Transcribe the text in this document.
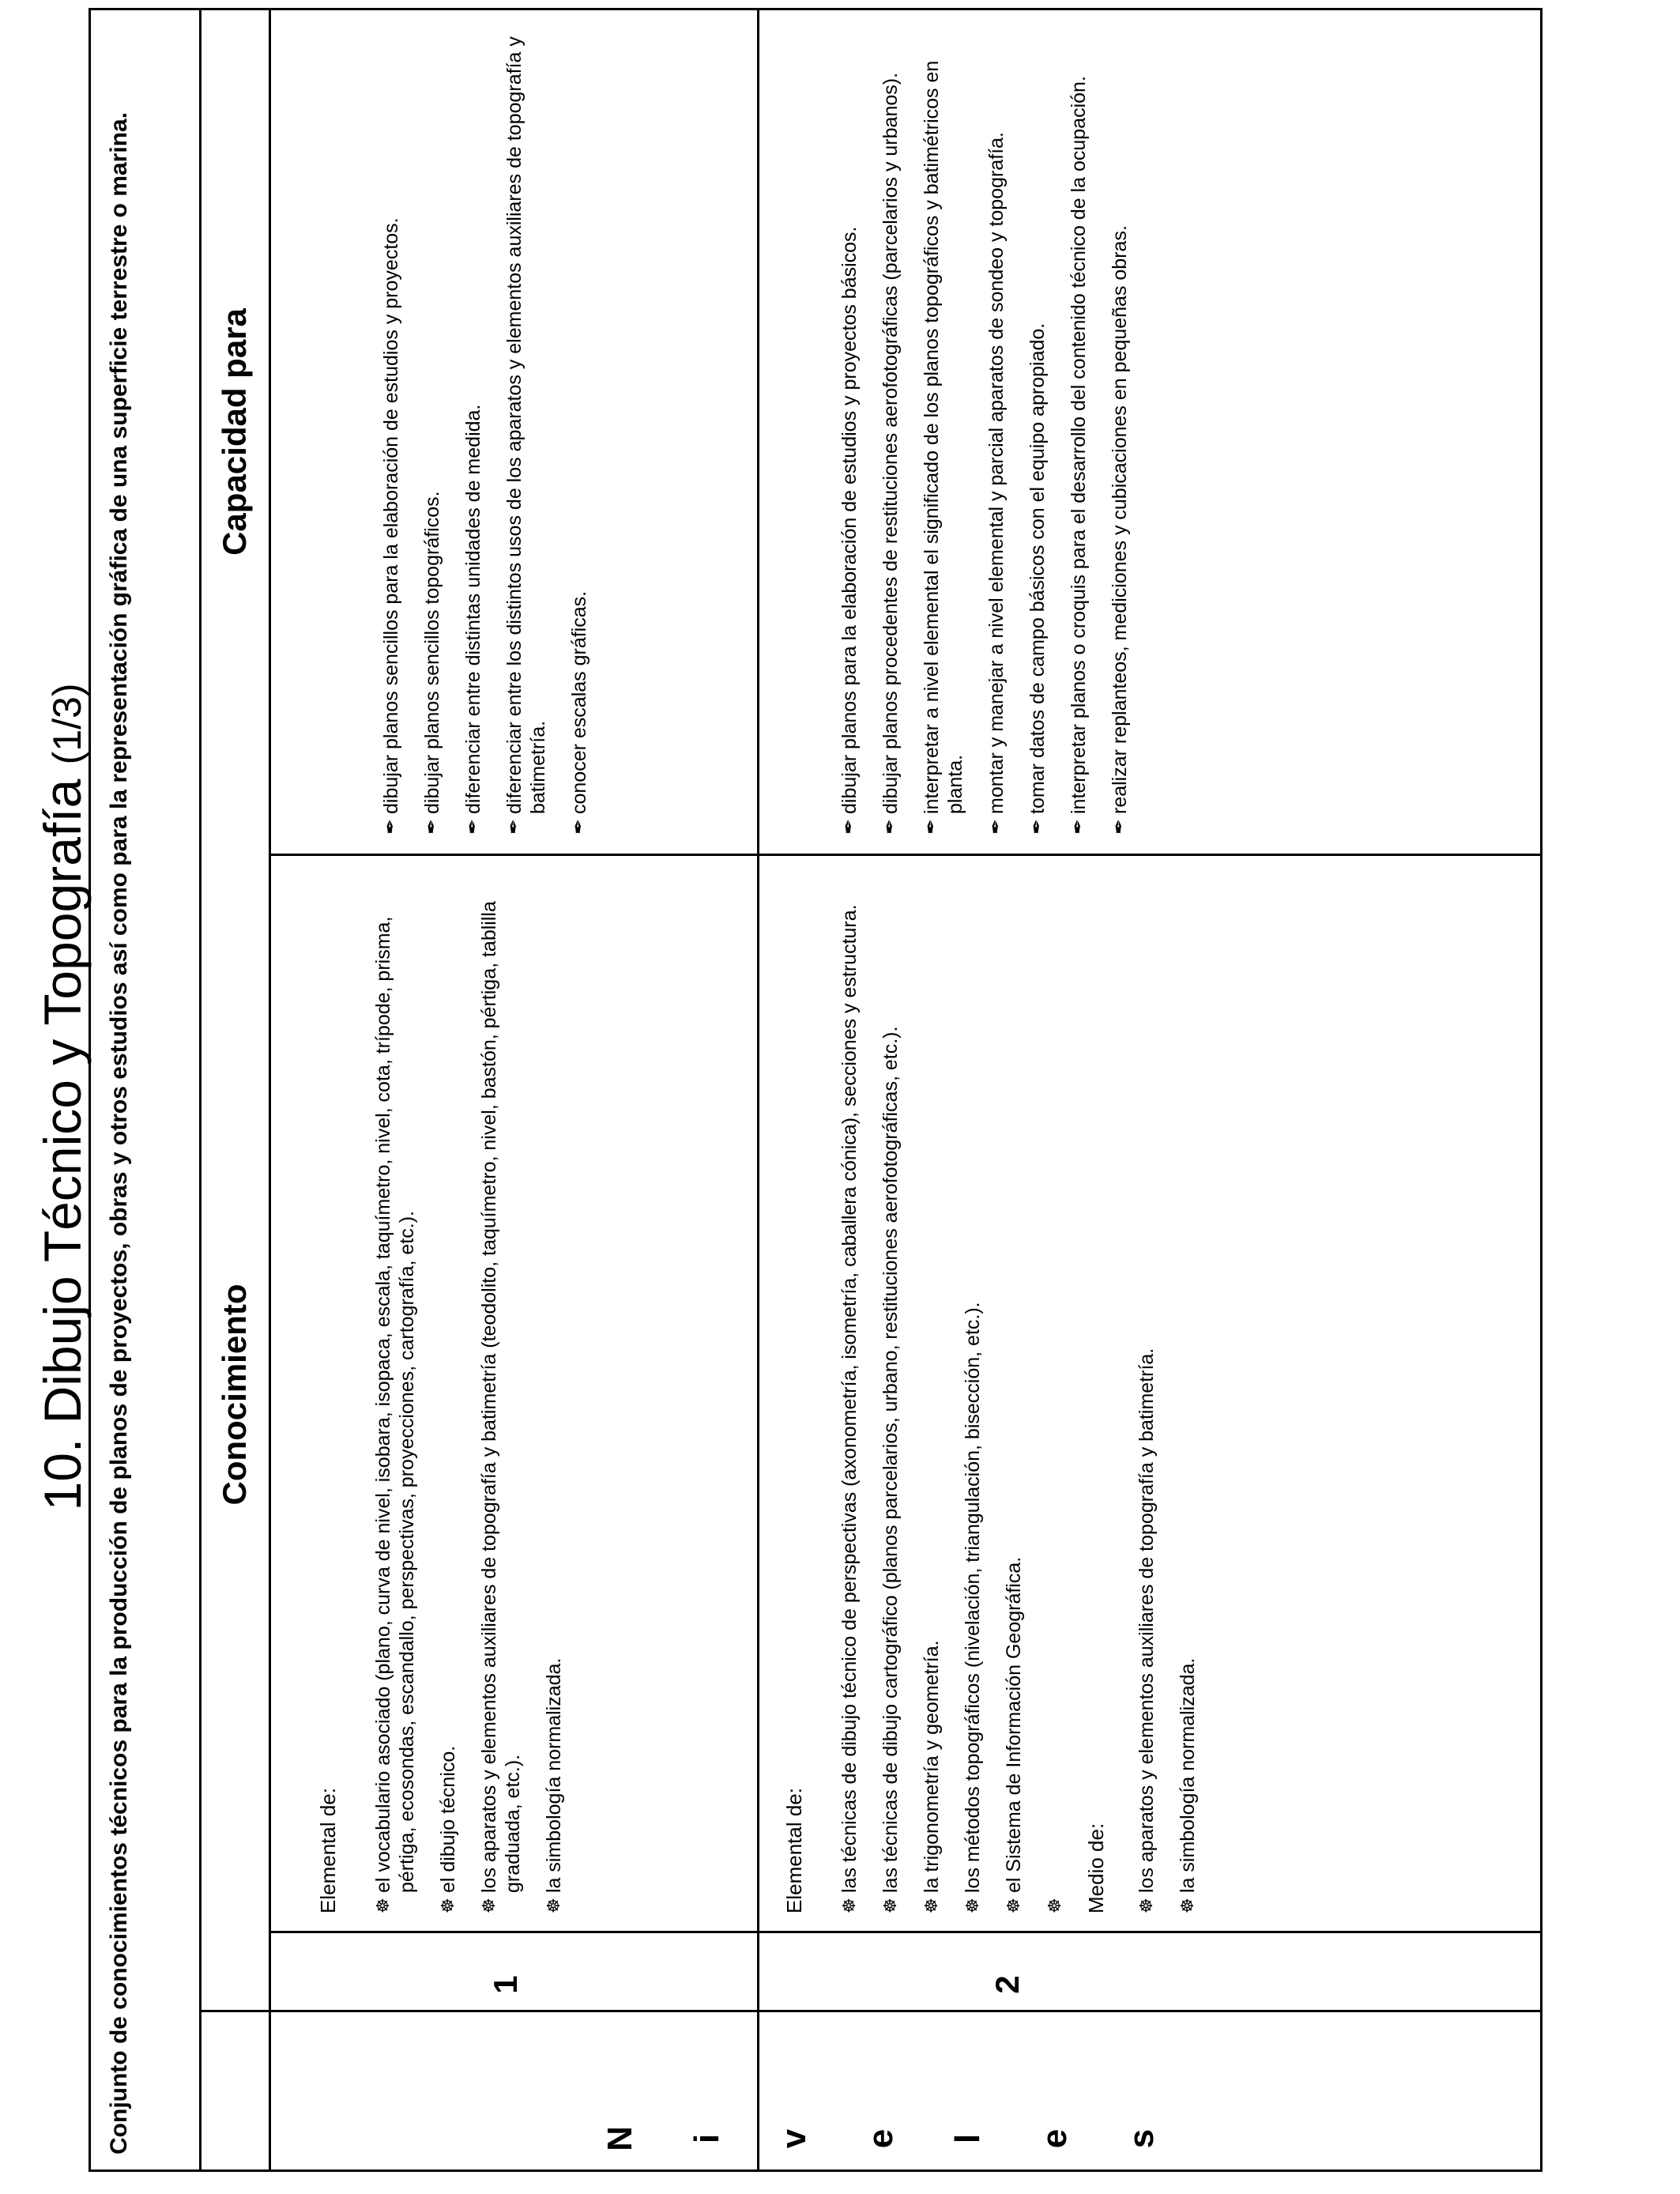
10. Dibujo Técnico y Topografía (1/3) Conjunto de conocimientos técnicos para la producción de planos de proyectos, obras y otros estudios así como para la representación gráfica de una superficie terrestre o marina.	Conocimiento
Capacidad para
N i v e l e s
1	2
Elemental de: ☸
el vocabulario asociado (plano, curva de nivel, isobara, isopaca, escala, taquímetro, nivel, cota, trípode, prisma, pértiga, ecosondas, escandallo, perspectivas, proyecciones, cartografía, etc.).
☸
el dibujo técnico.
☸
los aparatos y elementos auxiliares de topografía y batimetría (teodolito, taquímetro, nivel, bastón, pértiga, tablilla graduada, etc.).
☸
la simbología normalizada.
✒
dibujar planos sencillos para la elaboración de estudios y proyectos.
✒
dibujar planos sencillos topográficos.
✒
diferenciar entre distintas unidades de medida.
✒
diferenciar entre los distintos usos de los aparatos y elementos auxiliares de topografía y batimetría.
✒
conocer escalas gráficas.
Elemental de: ☸
las técnicas de dibujo técnico de perspectivas (axonometría, isometría, caballera cónica), secciones y estructura.
☸
las técnicas de dibujo cartográfico (planos parcelarios, urbano, restituciones aerofotográficas, etc.).
☸
la trigonometría y geometría.
☸
los métodos topográficos (nivelación, triangulación, bisección, etc.).
☸
el Sistema de Información Geográfica.
☸
Medio de: ☸
los aparatos y elementos auxiliares de topografía y batimetría.
☸
la simbología normalizada.
✒
dibujar planos para la elaboración de estudios y proyectos básicos.
✒
dibujar planos procedentes de restituciones aerofotográficas (parcelarios y urbanos).
✒
interpretar a nivel elemental el significado de los planos topográficos y batimétricos en planta.
✒
montar y manejar a nivel elemental y parcial aparatos de sondeo y topografía.
✒
tomar datos de campo básicos con el equipo apropiado.
✒
interpretar planos o croquis para el desarrollo del contenido técnico de la ocupación.
✒
realizar replanteos, mediciones y cubicaciones en pequeñas obras.
